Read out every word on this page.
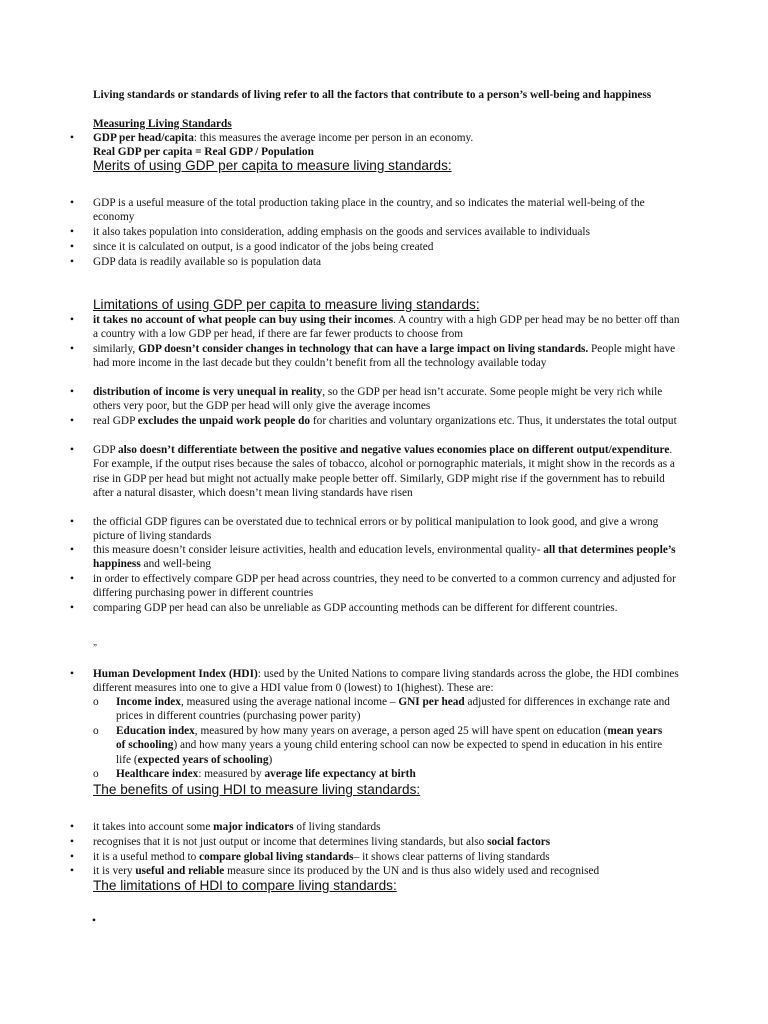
Living standards or standards of living refer to all the factors that contribute to a person’s well-being and happiness
Measuring Living Standards
•	GDP per head/capita: this measures the average income per person in an economy.
Real GDP per capita = Real GDP / Population
Merits of using GDP per capita to measure living standards:
•	GDP is a useful measure of the total production taking place in the country, and so indicates the material well-being of the economy
•	it also takes population into consideration, adding emphasis on the goods and services available to individuals
•	since it is calculated on output, is a good indicator of the jobs being created
•	GDP data is readily available so is population data
Limitations of using GDP per capita to measure living standards:
•	it takes no account of what people can buy using their incomes. A country with a high GDP per head may be no better off than a country with a low GDP per head, if there are far fewer products to choose from
•	similarly, GDP doesn’t consider changes in technology that can have a large impact on living standards. People might have had more income in the last decade but they couldn’t benefit from all the technology available today
•	distribution of income is very unequal in reality, so the GDP per head isn’t accurate. Some people might be very rich while others very poor, but the GDP per head will only give the average incomes
•	real GDP excludes the unpaid work people do for charities and voluntary organizations etc. Thus, it understates the total output
•	GDP also doesn’t differentiate between the positive and negative values economies place on different output/expenditure. For example, if the output rises because the sales of tobacco, alcohol or pornographic materials, it might show in the records as a rise in GDP per head but might not actually make people better off. Similarly, GDP might rise if the government has to rebuild after a natural disaster, which doesn’t mean living standards have risen
•	the official GDP figures can be overstated due to technical errors or by political manipulation to look good, and give a wrong picture of living standards
•	this measure doesn’t consider leisure activities, health and education levels, environmental quality- all that determines people’s happiness and well-being
•	in order to effectively compare GDP per head across countries, they need to be converted to a common currency and adjusted for differing purchasing power in different countries
•	comparing GDP per head can also be unreliable as GDP accounting methods can be different for different countries.
„
•	Human Development Index (HDI): used by the United Nations to compare living standards across the globe, the HDI combines different measures into one to give a HDI value from 0 (lowest) to 1(highest). These are:
o	Income index, measured using the average national income – GNI per head adjusted for differences in exchange rate and prices in different countries (purchasing power parity)
o	Education index, measured by how many years on average, a person aged 25 will have spent on education (mean years of schooling) and how many years a young child entering school can now be expected to spend in education in his entire life (expected years of schooling)
o	Healthcare index: measured by average life expectancy at birth
The benefits of using HDI to measure living standards:
•	it takes into account some major indicators of living standards
•	recognises that it is not just output or income that determines living standards, but also social factors
•	it is a useful method to compare global living standards– it shows clear patterns of living standards
•	it is very useful and reliable measure since its produced by the UN and is thus also widely used and recognised
The limitations of HDI to compare living standards:
•
